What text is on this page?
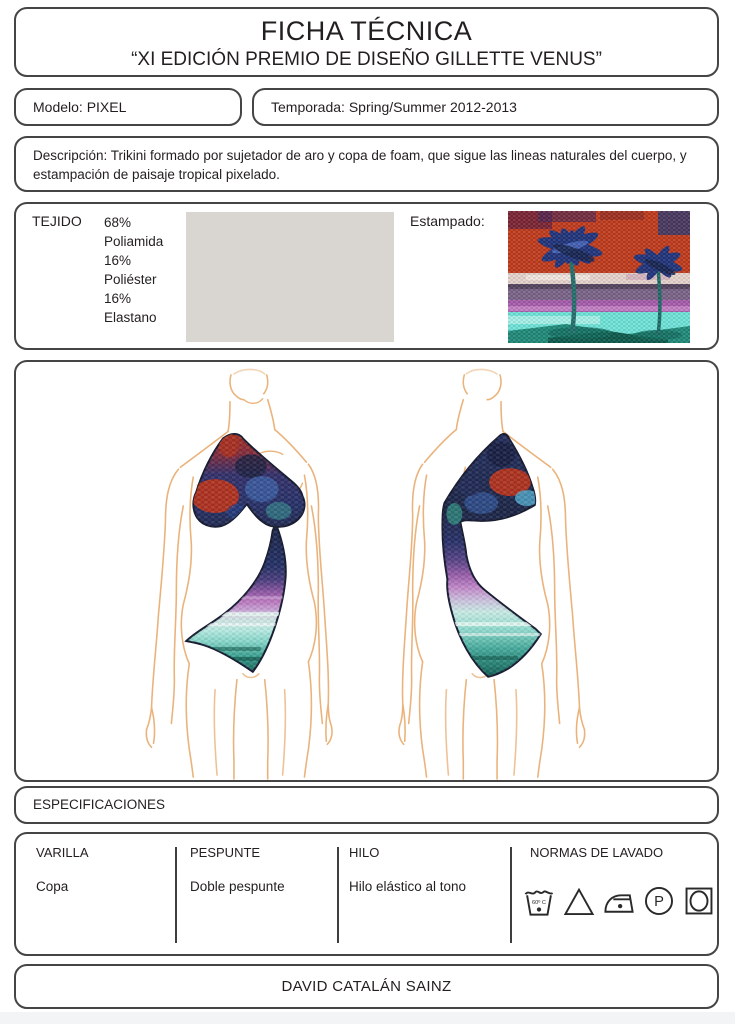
FICHA TÉCNICA
“XI EDICIÓN PREMIO DE DISEÑO GILLETTE VENUS”
Modelo: PIXEL	Temporada: Spring/Summer 2012-2013
Descripción: Trikini formado por sujetador de aro y copa de foam, que sigue las lineas naturales del cuerpo, y estampación de paisaje tropical pixelado.
TEJIDO 68%
Poliamida
16%
Poliéster
16%
Elastano
Estampado:
ESPECIFICACIONES
VARILLA	PESPUNTE	HILO	NORMAS DE LAVADO
Copa	Doble pespunte	Hilo elástico al tono
60º C	P
DAVID CATALÁN SAINZ
